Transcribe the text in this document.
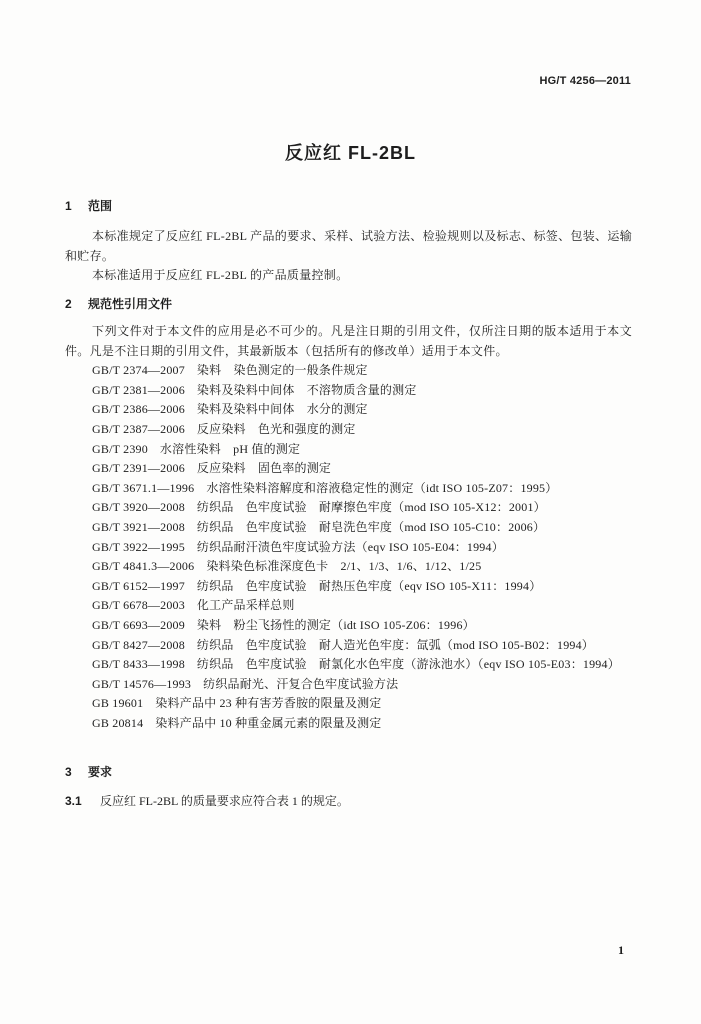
HG/T 4256—2011
反应红 FL-2BL
1 范围

本标准规定了反应红 FL-2BL 产品的要求、采样、试验方法、检验规则以及标志、标签、包装、运输和贮存。

本标准适用于反应红 FL-2BL 的产品质量控制。

2 规范性引用文件

下列文件对于本文件的应用是必不可少的。凡是注日期的引用文件，仅所注日期的版本适用于本文件。凡是不注日期的引用文件，其最新版本（包括所有的修改单）适用于本文件。

GB/T 2374—2007 染料　染色测定的一般条件规定

GB/T 2381—2006 染料及染料中间体　不溶物质含量的测定

GB/T 2386—2006 染料及染料中间体　水分的测定

GB/T 2387—2006 反应染料　色光和强度的测定

GB/T 2390 水溶性染料　pH 值的测定

GB/T 2391—2006 反应染料　固色率的测定

GB/T 3671.1—1996 水溶性染料溶解度和溶液稳定性的测定（idt ISO 105-Z07：1995）

GB/T 3920—2008 纺织品　色牢度试验　耐摩擦色牢度（mod ISO 105-X12：2001）

GB/T 3921—2008 纺织品　色牢度试验　耐皂洗色牢度（mod ISO 105-C10：2006）

GB/T 3922—1995 纺织品耐汗渍色牢度试验方法（eqv ISO 105-E04：1994）

GB/T 4841.3—2006 染料染色标准深度色卡　2/1、1/3、1/6、1/12、1/25

GB/T 6152—1997 纺织品　色牢度试验　耐热压色牢度（eqv ISO 105-X11：1994）

GB/T 6678—2003 化工产品采样总则

GB/T 6693—2009 染料　粉尘飞扬性的测定（idt ISO 105-Z06：1996）

GB/T 8427—2008 纺织品　色牢度试验　耐人造光色牢度：氙弧（mod ISO 105-B02：1994）

GB/T 8433—1998 纺织品　色牢度试验　耐氯化水色牢度（游泳池水）（eqv ISO 105-E03：1994）

GB/T 14576—1993 纺织品耐光、汗复合色牢度试验方法

GB 19601 染料产品中 23 种有害芳香胺的限量及测定

GB 20814 染料产品中 10 种重金属元素的限量及测定

3 要求
3.1 反应红 FL-2BL 的质量要求应符合表 1 的规定。
1
